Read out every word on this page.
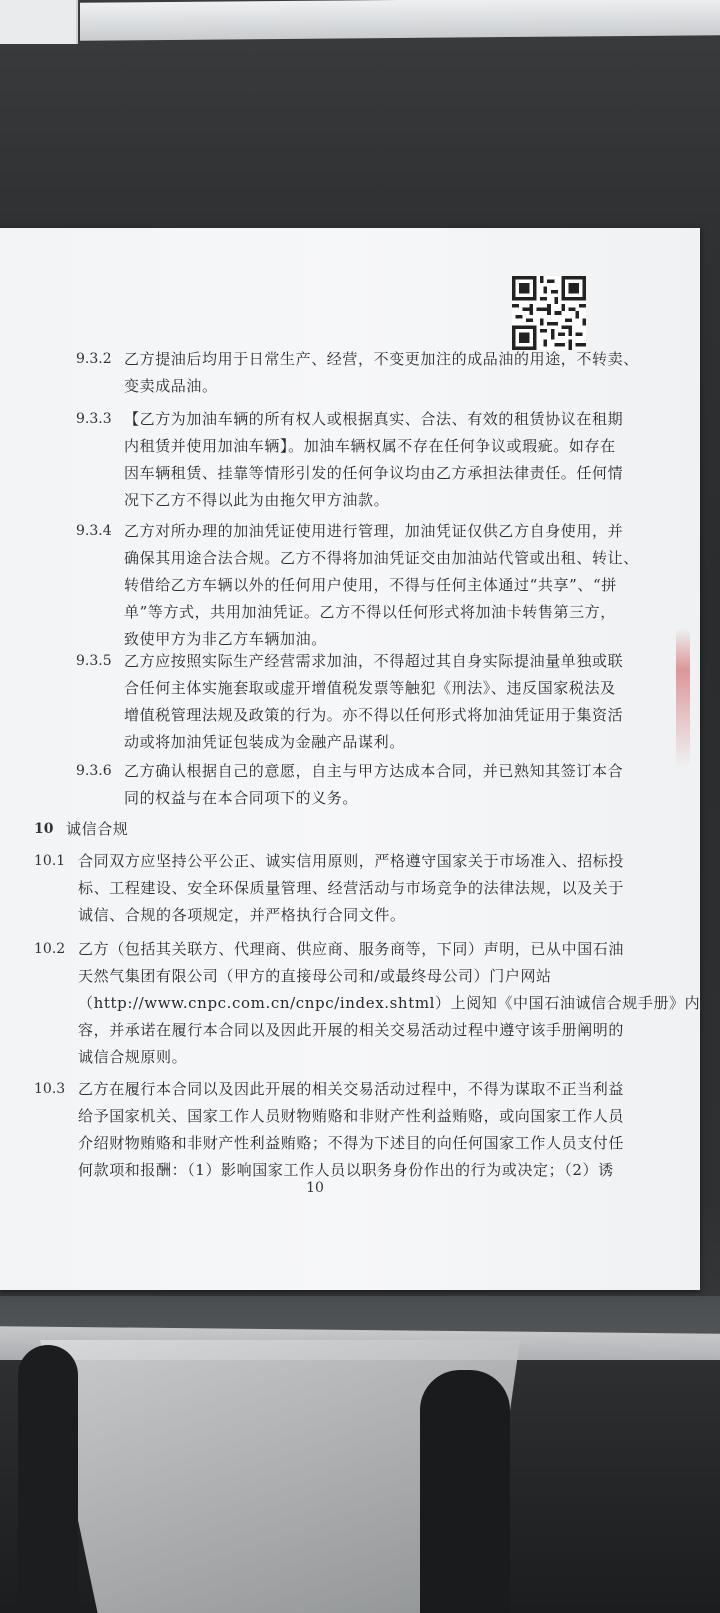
9.3.2 乙方提油后均用于日常生产、经营，不变更加注的成品油的用途，不转卖、
变卖成品油。
9.3.3 【乙方为加油车辆的所有权人或根据真实、合法、有效的租赁协议在租期
内租赁并使用加油车辆】。加油车辆权属不存在任何争议或瑕疵。如存在
因车辆租赁、挂靠等情形引发的任何争议均由乙方承担法律责任。任何情
况下乙方不得以此为由拖欠甲方油款。
9.3.4 乙方对所办理的加油凭证使用进行管理，加油凭证仅供乙方自身使用，并
确保其用途合法合规。乙方不得将加油凭证交由加油站代管或出租、转让、
转借给乙方车辆以外的任何用户使用，不得与任何主体通过“共享”、“拼
单”等方式，共用加油凭证。乙方不得以任何形式将加油卡转售第三方，
致使甲方为非乙方车辆加油。
9.3.5 乙方应按照实际生产经营需求加油，不得超过其自身实际提油量单独或联
合任何主体实施套取或虚开增值税发票等触犯《刑法》、违反国家税法及
增值税管理法规及政策的行为。亦不得以任何形式将加油凭证用于集资活
动或将加油凭证包装成为金融产品谋利。
9.3.6 乙方确认根据自己的意愿，自主与甲方达成本合同，并已熟知其签订本合
同的权益与在本合同项下的义务。
10 诚信合规
10.1 合同双方应坚持公平公正、诚实信用原则，严格遵守国家关于市场准入、招标投
标、工程建设、安全环保质量管理、经营活动与市场竞争的法律法规，以及关于
诚信、合规的各项规定，并严格执行合同文件。
10.2 乙方（包括其关联方、代理商、供应商、服务商等，下同）声明，已从中国石油
天然气集团有限公司（甲方的直接母公司和/或最终母公司）门户网站
（http://www.cnpc.com.cn/cnpc/index.shtml）上阅知《中国石油诚信合规手册》内
容，并承诺在履行本合同以及因此开展的相关交易活动过程中遵守该手册阐明的
诚信合规原则。
10.3 乙方在履行本合同以及因此开展的相关交易活动过程中，不得为谋取不正当利益
给予国家机关、国家工作人员财物贿赂和非财产性利益贿赂，或向国家工作人员
介绍财物贿赂和非财产性利益贿赂；不得为下述目的向任何国家工作人员支付任
何款项和报酬：（1）影响国家工作人员以职务身份作出的行为或决定；（2）诱
10
